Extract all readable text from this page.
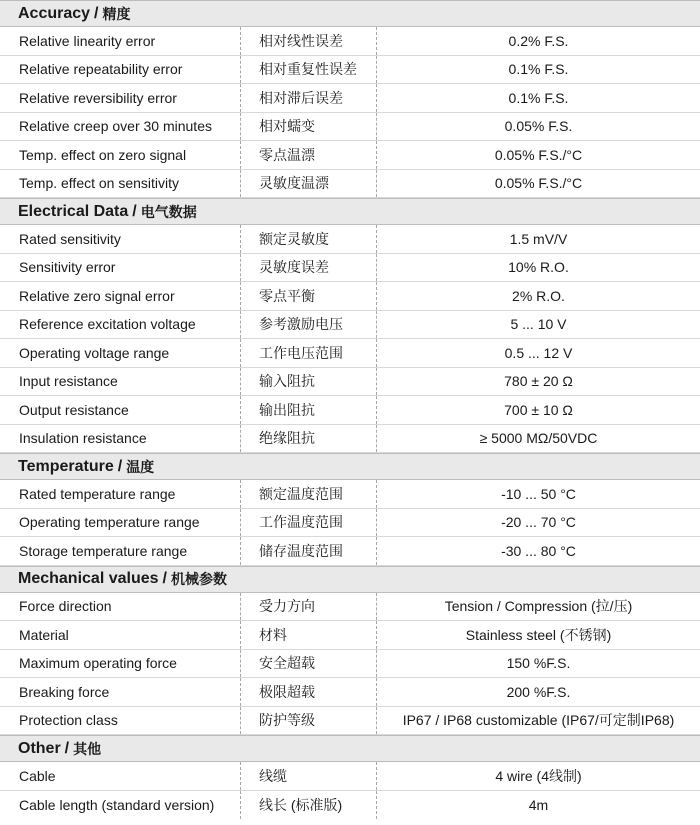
Accuracy / 精度
Relative linearity error	相对线性误差	0.2% F.S.
Relative repeatability error	相对重复性误差	0.1% F.S.
Relative reversibility error	相对滞后误差	0.1% F.S.
Relative creep over 30 minutes	相对蠕变	0.05% F.S.
Temp. effect on zero signal	零点温漂	0.05% F.S./°C
Temp. effect on sensitivity	灵敏度温漂	0.05% F.S./°C
Electrical Data / 电气数据
Rated sensitivity	额定灵敏度	1.5 mV/V
Sensitivity error	灵敏度误差	10% R.O.
Relative zero signal error	零点平衡	2% R.O.
Reference excitation voltage	参考激励电压	5 ... 10 V
Operating voltage range	工作电压范围	0.5 ... 12 V
Input resistance	输入阻抗	780 ± 20 Ω
Output resistance	输出阻抗	700 ± 10 Ω
Insulation resistance	绝缘阻抗	≥ 5000 MΩ/50VDC
Temperature / 温度
Rated temperature range	额定温度范围	-10 ... 50 °C
Operating temperature range	工作温度范围	-20 ... 70 °C
Storage temperature range	储存温度范围	-30 ... 80 °C
Mechanical values / 机械参数
Force direction	受力方向	Tension / Compression (拉/压)
Material	材料	Stainless steel (不锈钢)
Maximum operating force	安全超载	150 %F.S.
Breaking force	极限超载	200 %F.S.
Protection class	防护等级	IP67 / IP68 customizable (IP67/可定制IP68)
Other / 其他
Cable	线缆	4 wire (4线制)
Cable length (standard version)	线长 (标准版)	4m
